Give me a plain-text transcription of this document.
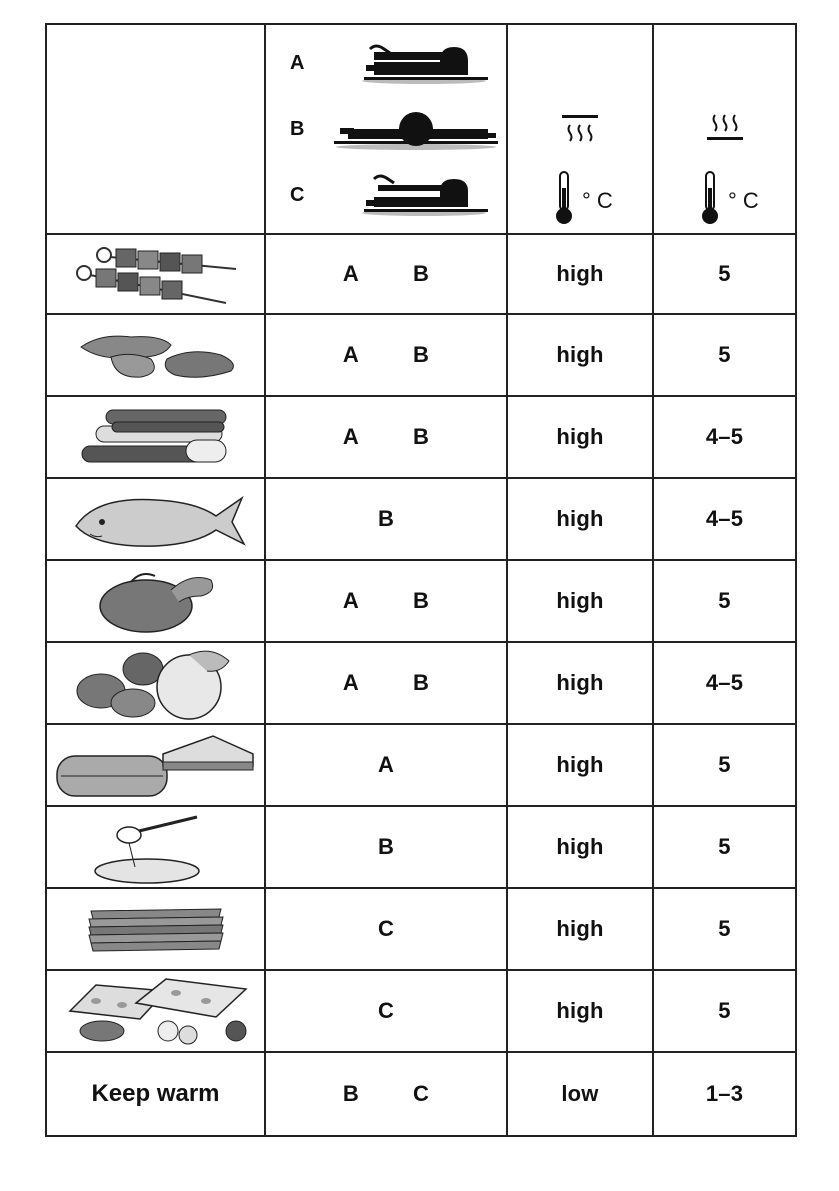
	A
B
C	° C	° C

	A B	high	5

	A B	high	5

	A B	high	4–5

	B	high	4–5

	A B	high	5

	A B	high	4–5

	A	high	5

	B	high	5

	C	high	5

	C	high	5
Keep warm	B C	low	1–3
